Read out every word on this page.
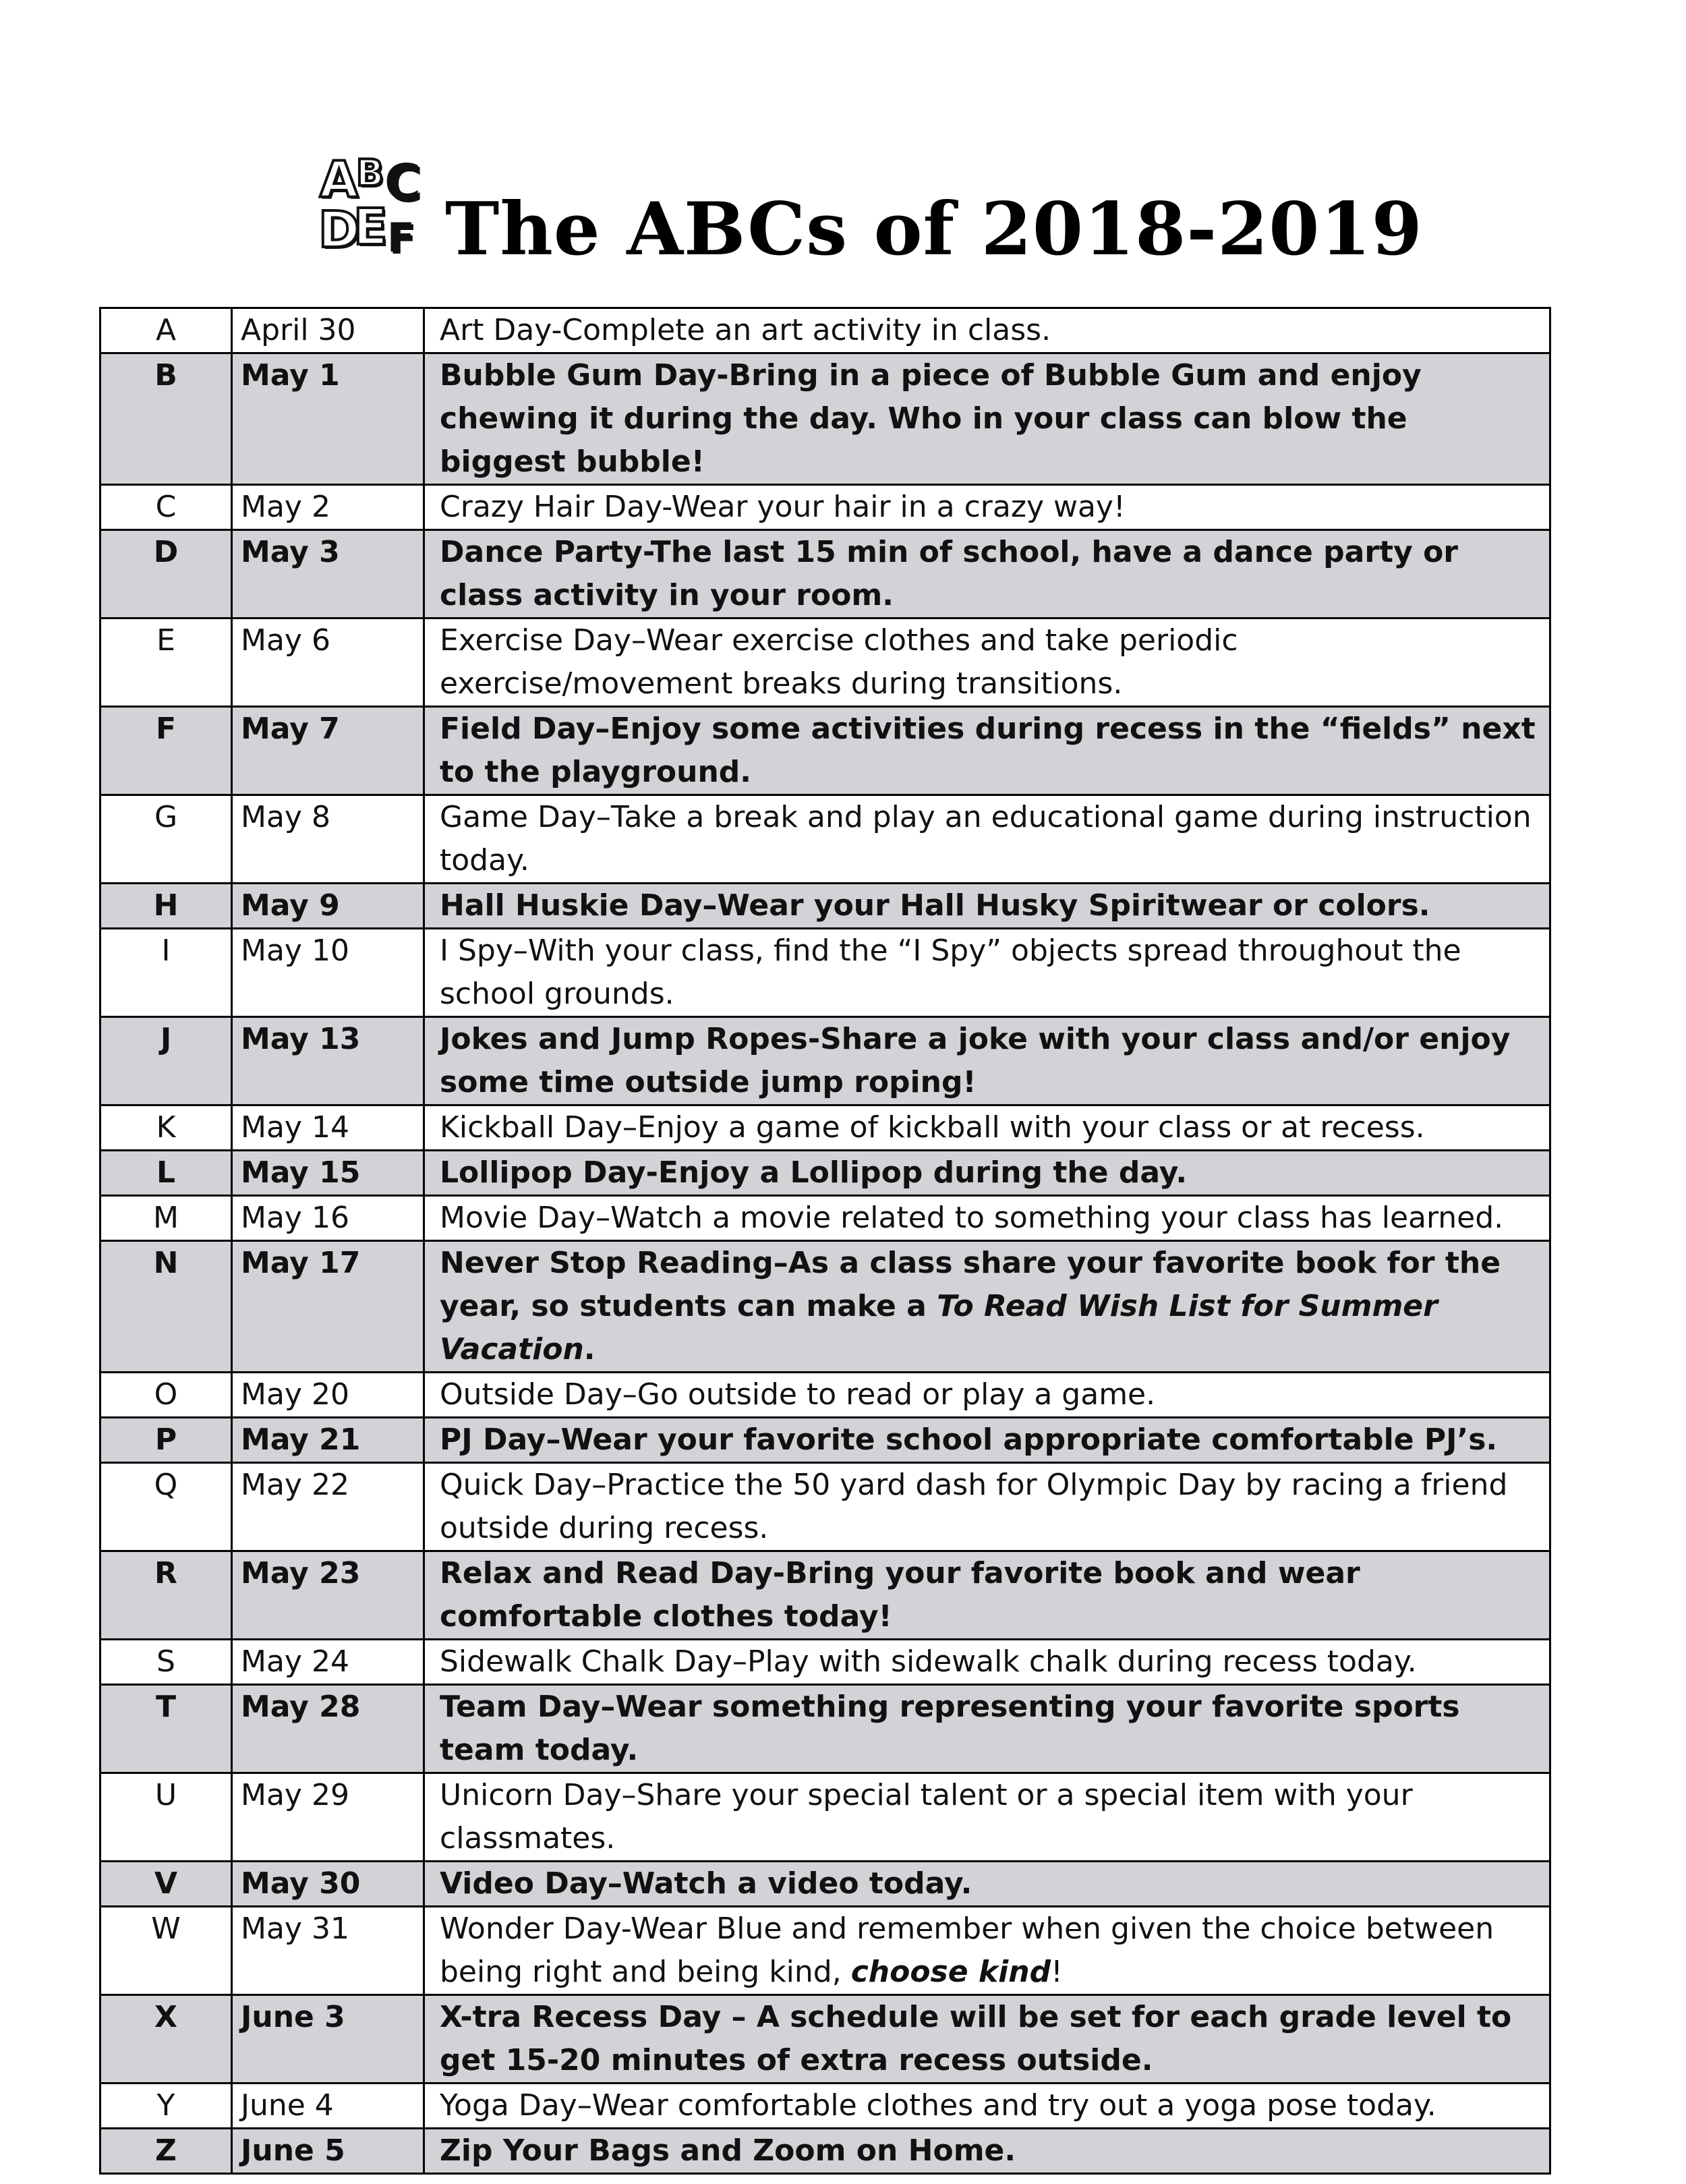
A
B C
D
E F The ABCs of 2018-2019
A	April 30	Art Day-Complete an art activity in class.
B	May 1	Bubble Gum Day-Bring in a piece of Bubble Gum and enjoy chewing it during the day. Who in your class can blow the biggest bubble!
C	May 2	Crazy Hair Day-Wear your hair in a crazy way!
D	May 3	Dance Party-The last 15 min of school, have a dance party or class activity in your room.
E	May 6	Exercise Day–Wear exercise clothes and take periodic exercise/movement breaks during transitions.
F	May 7	Field Day–Enjoy some activities during recess in the “fields” next to the playground.
G	May 8	Game Day–Take a break and play an educational game during instruction today.
H	May 9	Hall Huskie Day–Wear your Hall Husky Spiritwear or colors.
I	May 10	I Spy–With your class, find the “I Spy” objects spread throughout the school grounds.
J	May 13	Jokes and Jump Ropes-Share a joke with your class and/or enjoy some time outside jump roping!
K	May 14	Kickball Day–Enjoy a game of kickball with your class or at recess.
L	May 15	Lollipop Day-Enjoy a Lollipop during the day.
M	May 16	Movie Day–Watch a movie related to something your class has learned.
N	May 17	Never Stop Reading–As a class share your favorite book for the year, so students can make a To Read Wish List for Summer Vacation.
O	May 20	Outside Day–Go outside to read or play a game.
P	May 21	PJ Day–Wear your favorite school appropriate comfortable PJ’s.
Q	May 22	Quick Day–Practice the 50 yard dash for Olympic Day by racing a friend outside during recess.
R	May 23	Relax and Read Day-Bring your favorite book and wear comfortable clothes today!
S	May 24	Sidewalk Chalk Day–Play with sidewalk chalk during recess today.
T	May 28	Team Day–Wear something representing your favorite sports team today.
U	May 29	Unicorn Day–Share your special talent or a special item with your classmates.
V	May 30	Video Day–Watch a video today.
W	May 31	Wonder Day-Wear Blue and remember when given the choice between being right and being kind, choose kind!
X	June 3	X-tra Recess Day – A schedule will be set for each grade level to get 15-20 minutes of extra recess outside.
Y	June 4	Yoga Day–Wear comfortable clothes and try out a yoga pose today.
Z	June 5	Zip Your Bags and Zoom on Home.
